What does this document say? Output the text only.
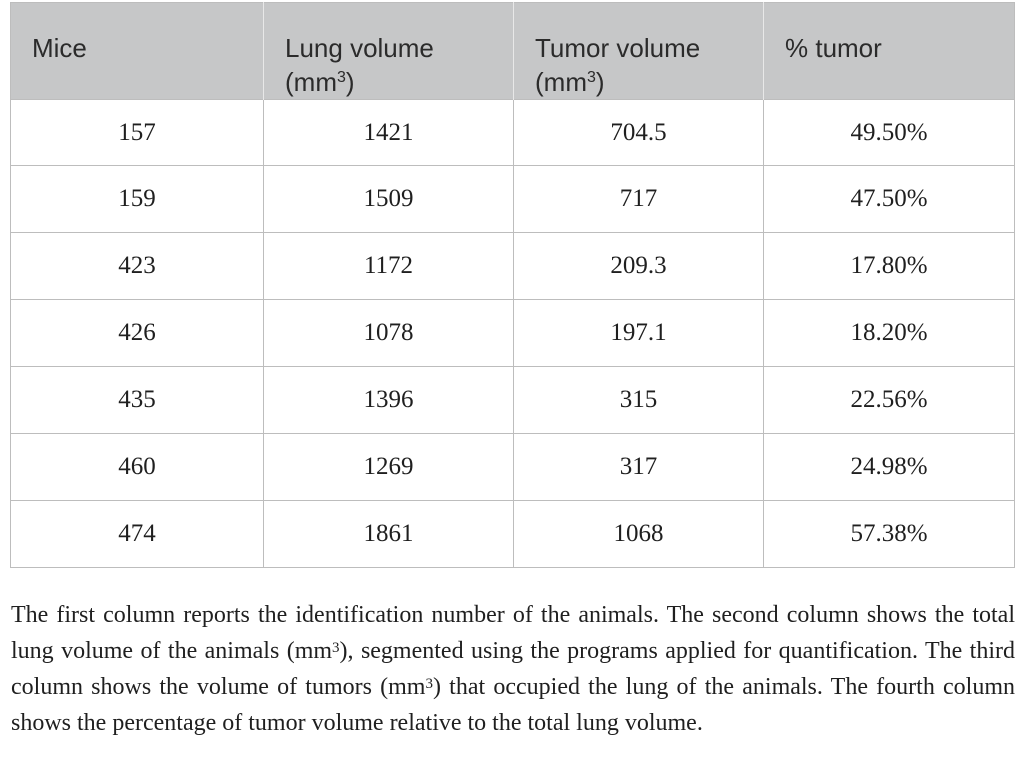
Mice	Lung volume $(mm^3)$	Tumor volume $(mm^3)$	% tumor
157	1421	704.5	49.50%
159	1509	717	47.50%
423	1172	209.3	17.80%
426	1078	197.1	18.20%
435	1396	315	22.56%
460	1269	317	24.98%
474	1861	1068	57.38%

The first column reports the identification number of the animals. The second column shows the total lung volume of the animals $(mm^3)$, segmented using the programs applied for quantification. The third column shows the volume of tumors $(mm^3)$ that occupied the lung of the animals. The fourth column shows the percentage of tumor volume relative to the total lung volume.
